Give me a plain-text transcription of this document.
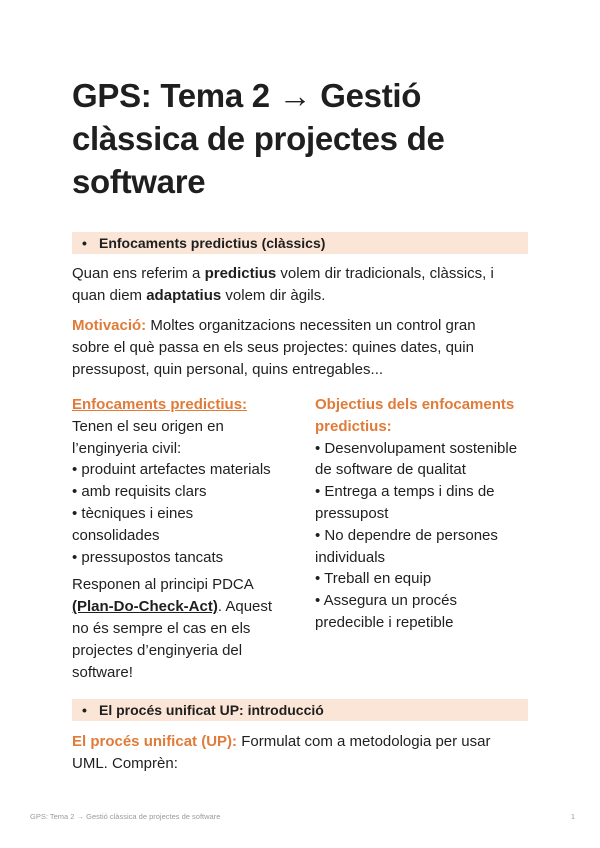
GPS: Tema 2 → Gestió
clàssica de projectes de
software
• Enfocaments predictius (clàssics)
Quan ens referim a predictius volem dir tradicionals, clàssics, i
quan diem adaptatius volem dir àgils.
Motivació: Moltes organitzacions necessiten un control gran
sobre el què passa en els seus projectes: quines dates, quin
pressupost, quin personal, quins entregables...
Enfocaments predictius:
Tenen el seu origen en
l’enginyeria civil:
• produint artefactes materials
• amb requisits clars
• tècniques i eines
consolidades
• pressupostos tancats
Responen al principi PDCA
(Plan-Do-Check-Act). Aquest
no és sempre el cas en els
projectes d’enginyeria del
software!
Objectius dels enfocaments
predictius:
• Desenvolupament sostenible
de software de qualitat
• Entrega a temps i dins de
pressupost
• No dependre de persones
individuals
• Treball en equip
• Assegura un procés
predecible i repetible
• El procés unificat UP: introducció
El procés unificat (UP): Formulat com a metodologia per usar
UML. Comprèn:
GPS: Tema 2 → Gestió clàssica de projectes de software	1
